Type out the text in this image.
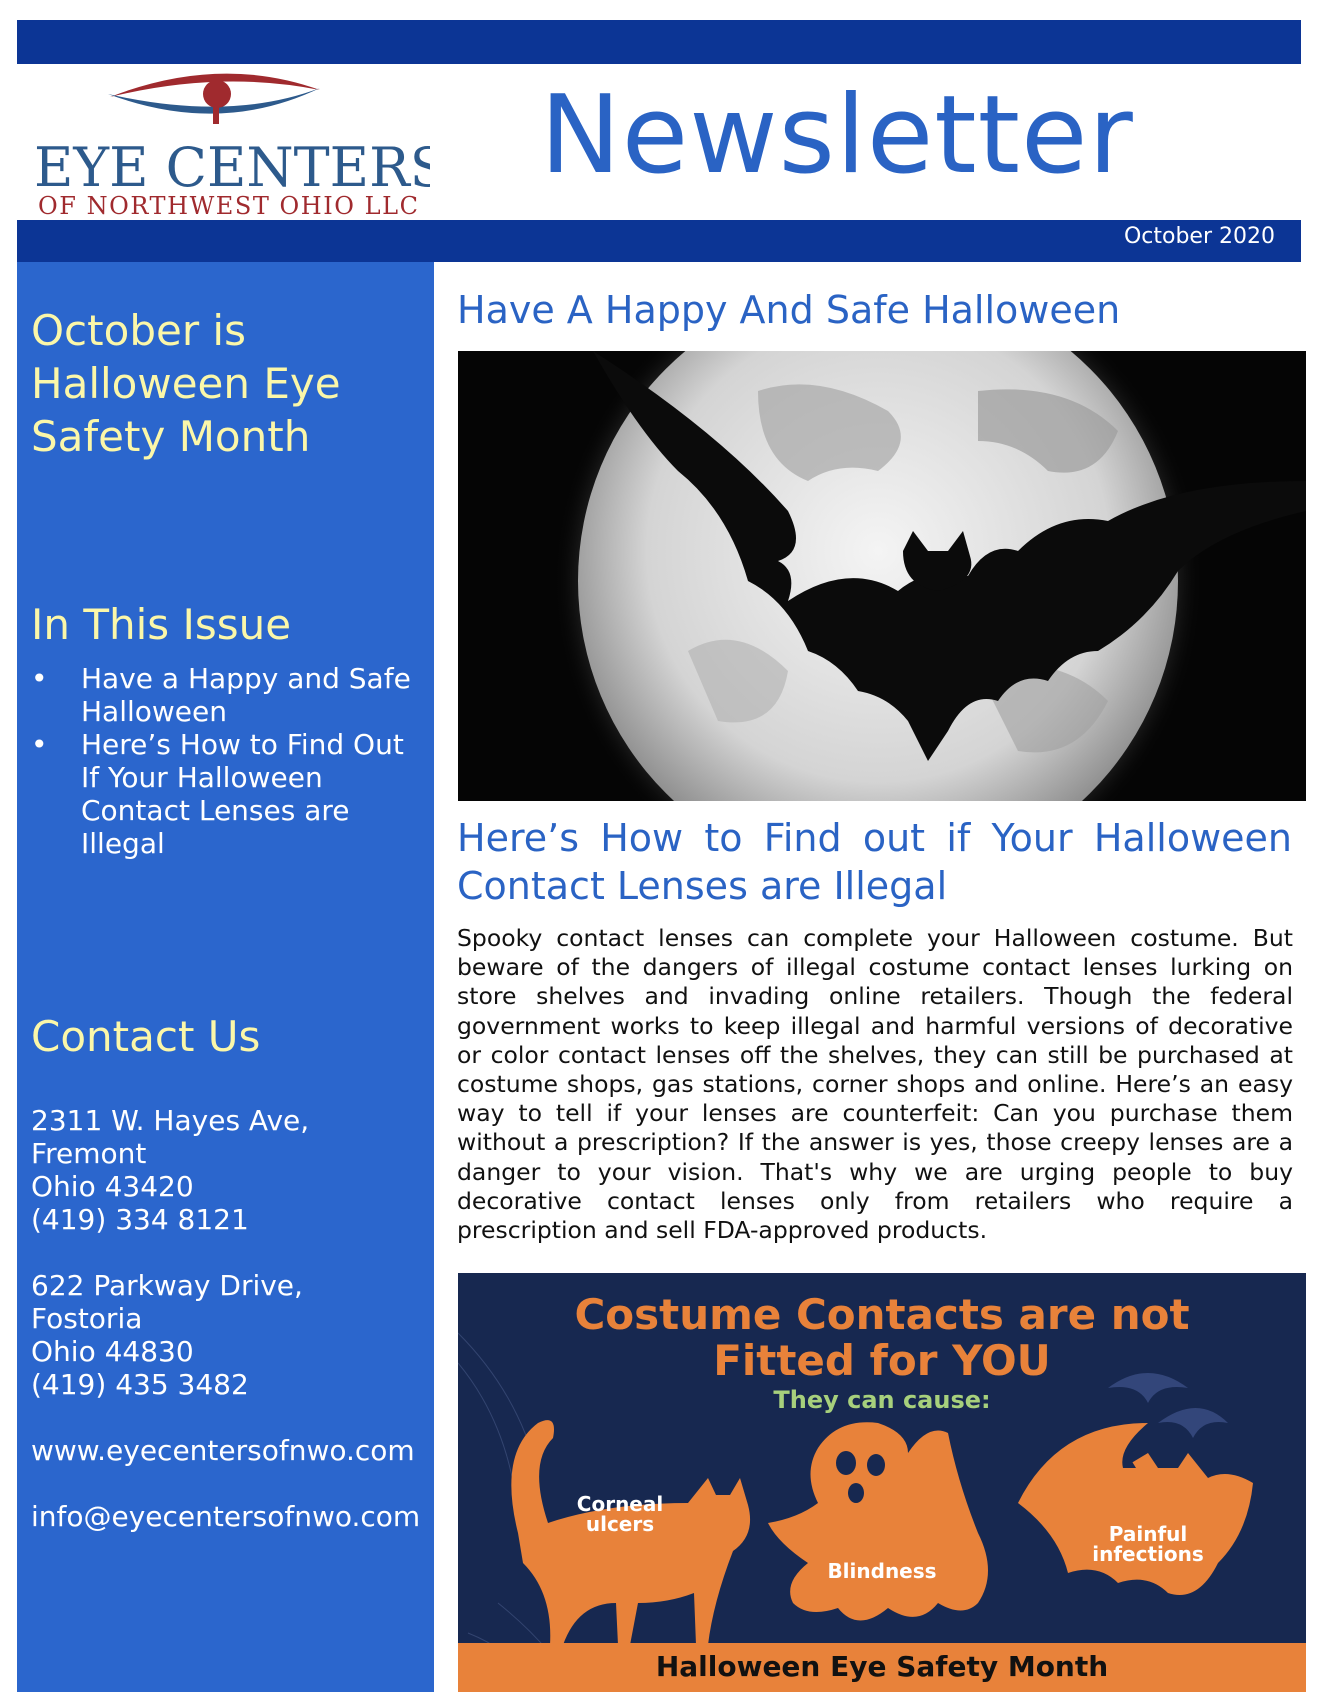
EYE CENTERS
OF NORTHWEST OHIO LLC
Newsletter
October 2020
October is
Halloween Eye
Safety Month
In This Issue
• Have a Happy and Safe
Halloween
• Here’s How to Find Out
If Your Halloween
Contact Lenses are
Illegal
Contact Us
2311 W. Hayes Ave,
Fremont
Ohio 43420
(419) 334 8121
622 Parkway Drive,
Fostoria
Ohio 44830
(419) 435 3482
www.eyecentersofnwo.com
info@eyecentersofnwo.com
Have A Happy And Safe Halloween
Here’s How to Find out if Your Halloween
Contact Lenses are Illegal
Spooky contact lenses can complete your Halloween costume. But beware of the dangers of illegal costume contact lenses lurking on store shelves and invading online retailers. Though the federal government works to keep illegal and harmful versions of decorative or color contact lenses off the shelves, they can still be purchased at costume shops, gas stations, corner shops and online. Here’s an easy way to tell if your lenses are counterfeit: Can you purchase them without a prescription? If the answer is yes, those creepy lenses are a danger to your vision. That's why we are urging people to buy decorative contact lenses only from retailers who require a prescription and sell FDA-approved products.
Costume Contacts are not
Fitted for YOU
They can cause:
Corneal
ulcers
Blindness
Painful
infections
Halloween Eye Safety Month
